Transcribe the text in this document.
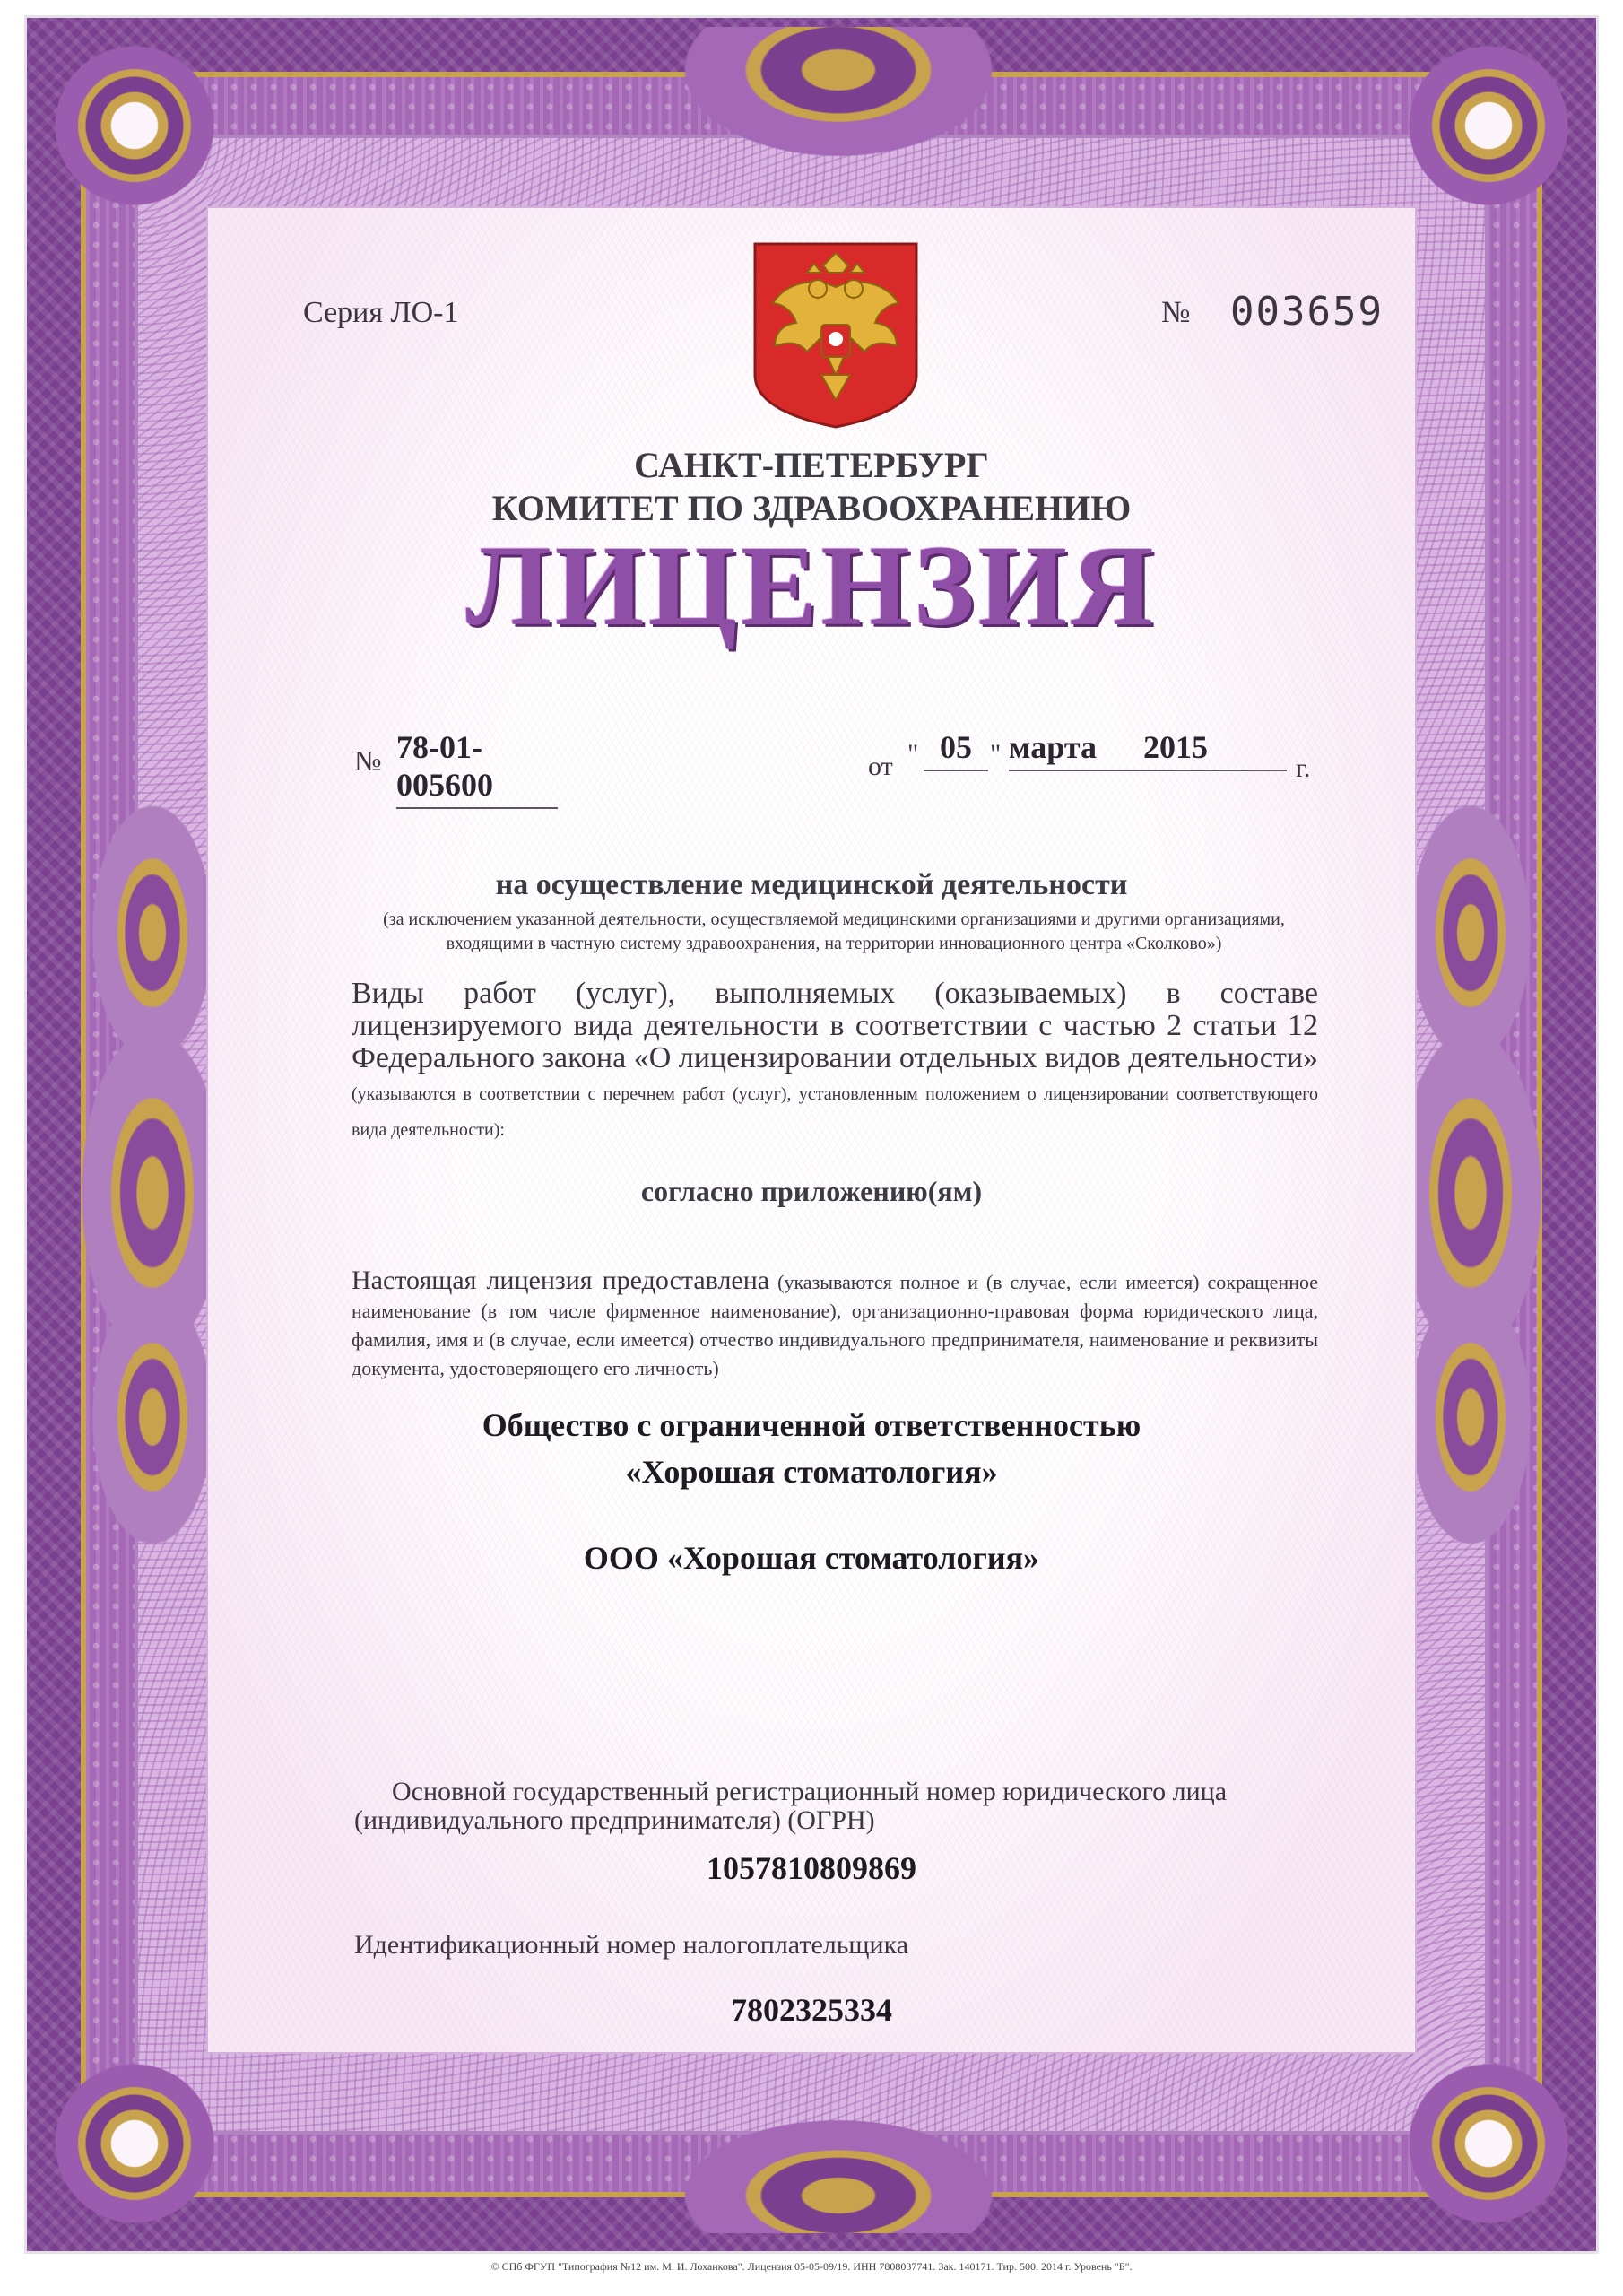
Серия ЛО-1	№ 003659
САНКТ-ПЕТЕРБУРГ
КОМИТЕТ ПО ЗДРАВООХРАНЕНИЮ
ЛИЦЕНЗИЯ
№ 78-01-005600
от " 05 " марта	2015
г.
на осуществление медицинской деятельности
(за исключением указанной деятельности, осуществляемой медицинскими организациями и другими организациями, входящими в частную систему здравоохранения, на территории инновационного центра «Сколково»)
Виды работ (услуг), выполняемых (оказываемых) в составе лицензируемого вида деятельности в соответствии с частью 2 статьи 12 Федерального закона «О лицензировании отдельных видов деятельности» (указываются в соответствии с перечнем работ (услуг), установленным положением о лицензировании соответствующего вида деятельности):
согласно приложению(ям)
Настоящая лицензия предоставлена (указываются полное и (в случае, если имеется) сокращенное наименование (в том числе фирменное наименование), организационно-правовая форма юридического лица, фамилия, имя и (в случае, если имеется) отчество индивидуального предпринимателя, наименование и реквизиты документа, удостоверяющего его личность)
Общество с ограниченной ответственностью
«Хорошая стоматология»
ООО «Хорошая стоматология»
Основной государственный регистрационный номер юридического лица (индивидуального предпринимателя) (ОГРН)
1057810809869
Идентификационный номер налогоплательщика
7802325334
© СПб ФГУП "Типография №12 им. М. И. Лоханкова". Лицензия 05-05-09/19. ИНН 7808037741. Зак. 140171. Тир. 500. 2014 г. Уровень "Б".
